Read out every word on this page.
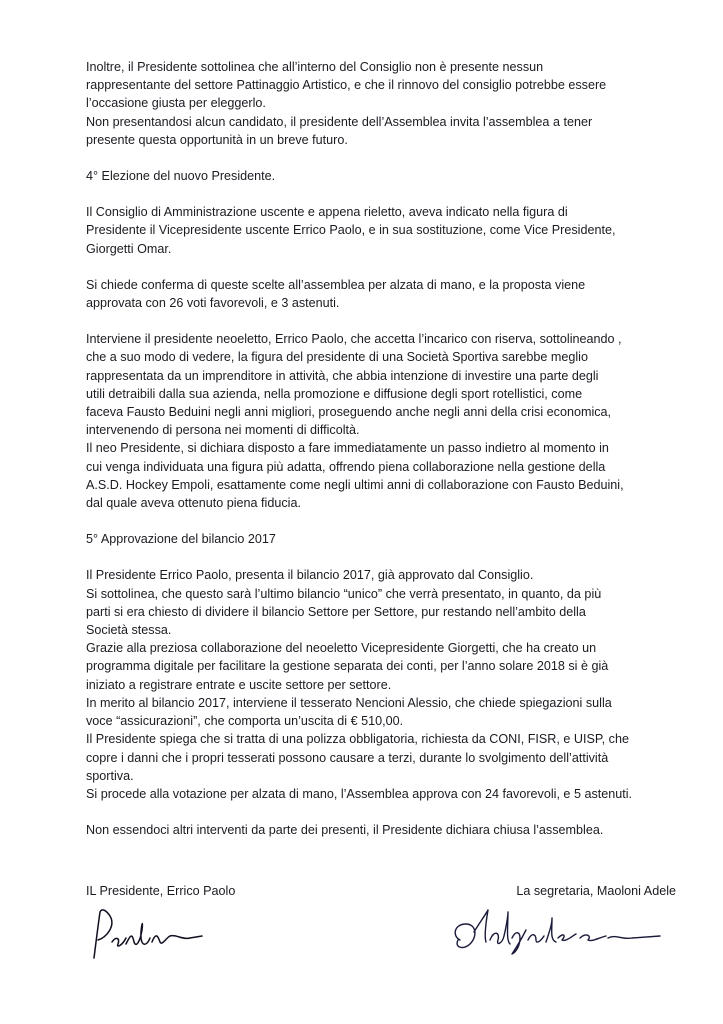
Inoltre, il Presidente sottolinea che all’interno del Consiglio non è presente nessun

rappresentante del settore Pattinaggio Artistico, e che il rinnovo del consiglio potrebbe essere

l’occasione giusta per eleggerlo.

Non presentandosi alcun candidato, il presidente dell’Assemblea invita l’assemblea a tener

presente questa opportunità in un breve futuro.

4° Elezione del nuovo Presidente.

Il Consiglio di Amministrazione uscente e appena rieletto, aveva indicato nella figura di

Presidente il Vicepresidente uscente Errico Paolo, e in sua sostituzione, come Vice Presidente,

Giorgetti Omar.

Si chiede conferma di queste scelte all’assemblea per alzata di mano, e la proposta viene

approvata con 26 voti favorevoli, e 3 astenuti.

Interviene il presidente neoeletto, Errico Paolo, che accetta l’incarico con riserva, sottolineando ,

che a suo modo di vedere, la figura del presidente di una Società Sportiva sarebbe meglio

rappresentata da un imprenditore in attività, che abbia intenzione di investire una parte degli

utili detraibili dalla sua azienda, nella promozione e diffusione degli sport rotellistici, come

faceva Fausto Beduini negli anni migliori, proseguendo anche negli anni della crisi economica,

intervenendo di persona nei momenti di difficoltà.

Il neo Presidente, si dichiara disposto a fare immediatamente un passo indietro al momento in

cui venga individuata una figura più adatta, offrendo piena collaborazione nella gestione della

A.S.D. Hockey Empoli, esattamente come negli ultimi anni di collaborazione con Fausto Beduini,

dal quale aveva ottenuto piena fiducia.

5° Approvazione del bilancio 2017

Il Presidente Errico Paolo, presenta il bilancio 2017, già approvato dal Consiglio.

Si sottolinea, che questo sarà l’ultimo bilancio “unico” che verrà presentato, in quanto, da più

parti si era chiesto di dividere il bilancio Settore per Settore, pur restando nell’ambito della

Società stessa.

Grazie alla preziosa collaborazione del neoeletto Vicepresidente Giorgetti, che ha creato un

programma digitale per facilitare la gestione separata dei conti, per l’anno solare 2018 si è già

iniziato a registrare entrate e uscite settore per settore.

In merito al bilancio 2017, interviene il tesserato Nencioni Alessio, che chiede spiegazioni sulla

voce “assicurazioni”, che comporta un’uscita di € 510,00.

Il Presidente spiega che si tratta di una polizza obbligatoria, richiesta da CONI, FISR, e UISP, che

copre i danni che i propri tesserati possono causare a terzi, durante lo svolgimento dell’attività

sportiva.

Si procede alla votazione per alzata di mano, l’Assemblea approva con 24 favorevoli, e 5 astenuti.

Non essendoci altri interventi da parte dei presenti, il Presidente dichiara chiusa l’assemblea.

IL Presidente, Errico Paolo	La segretaria, Maoloni Adele
